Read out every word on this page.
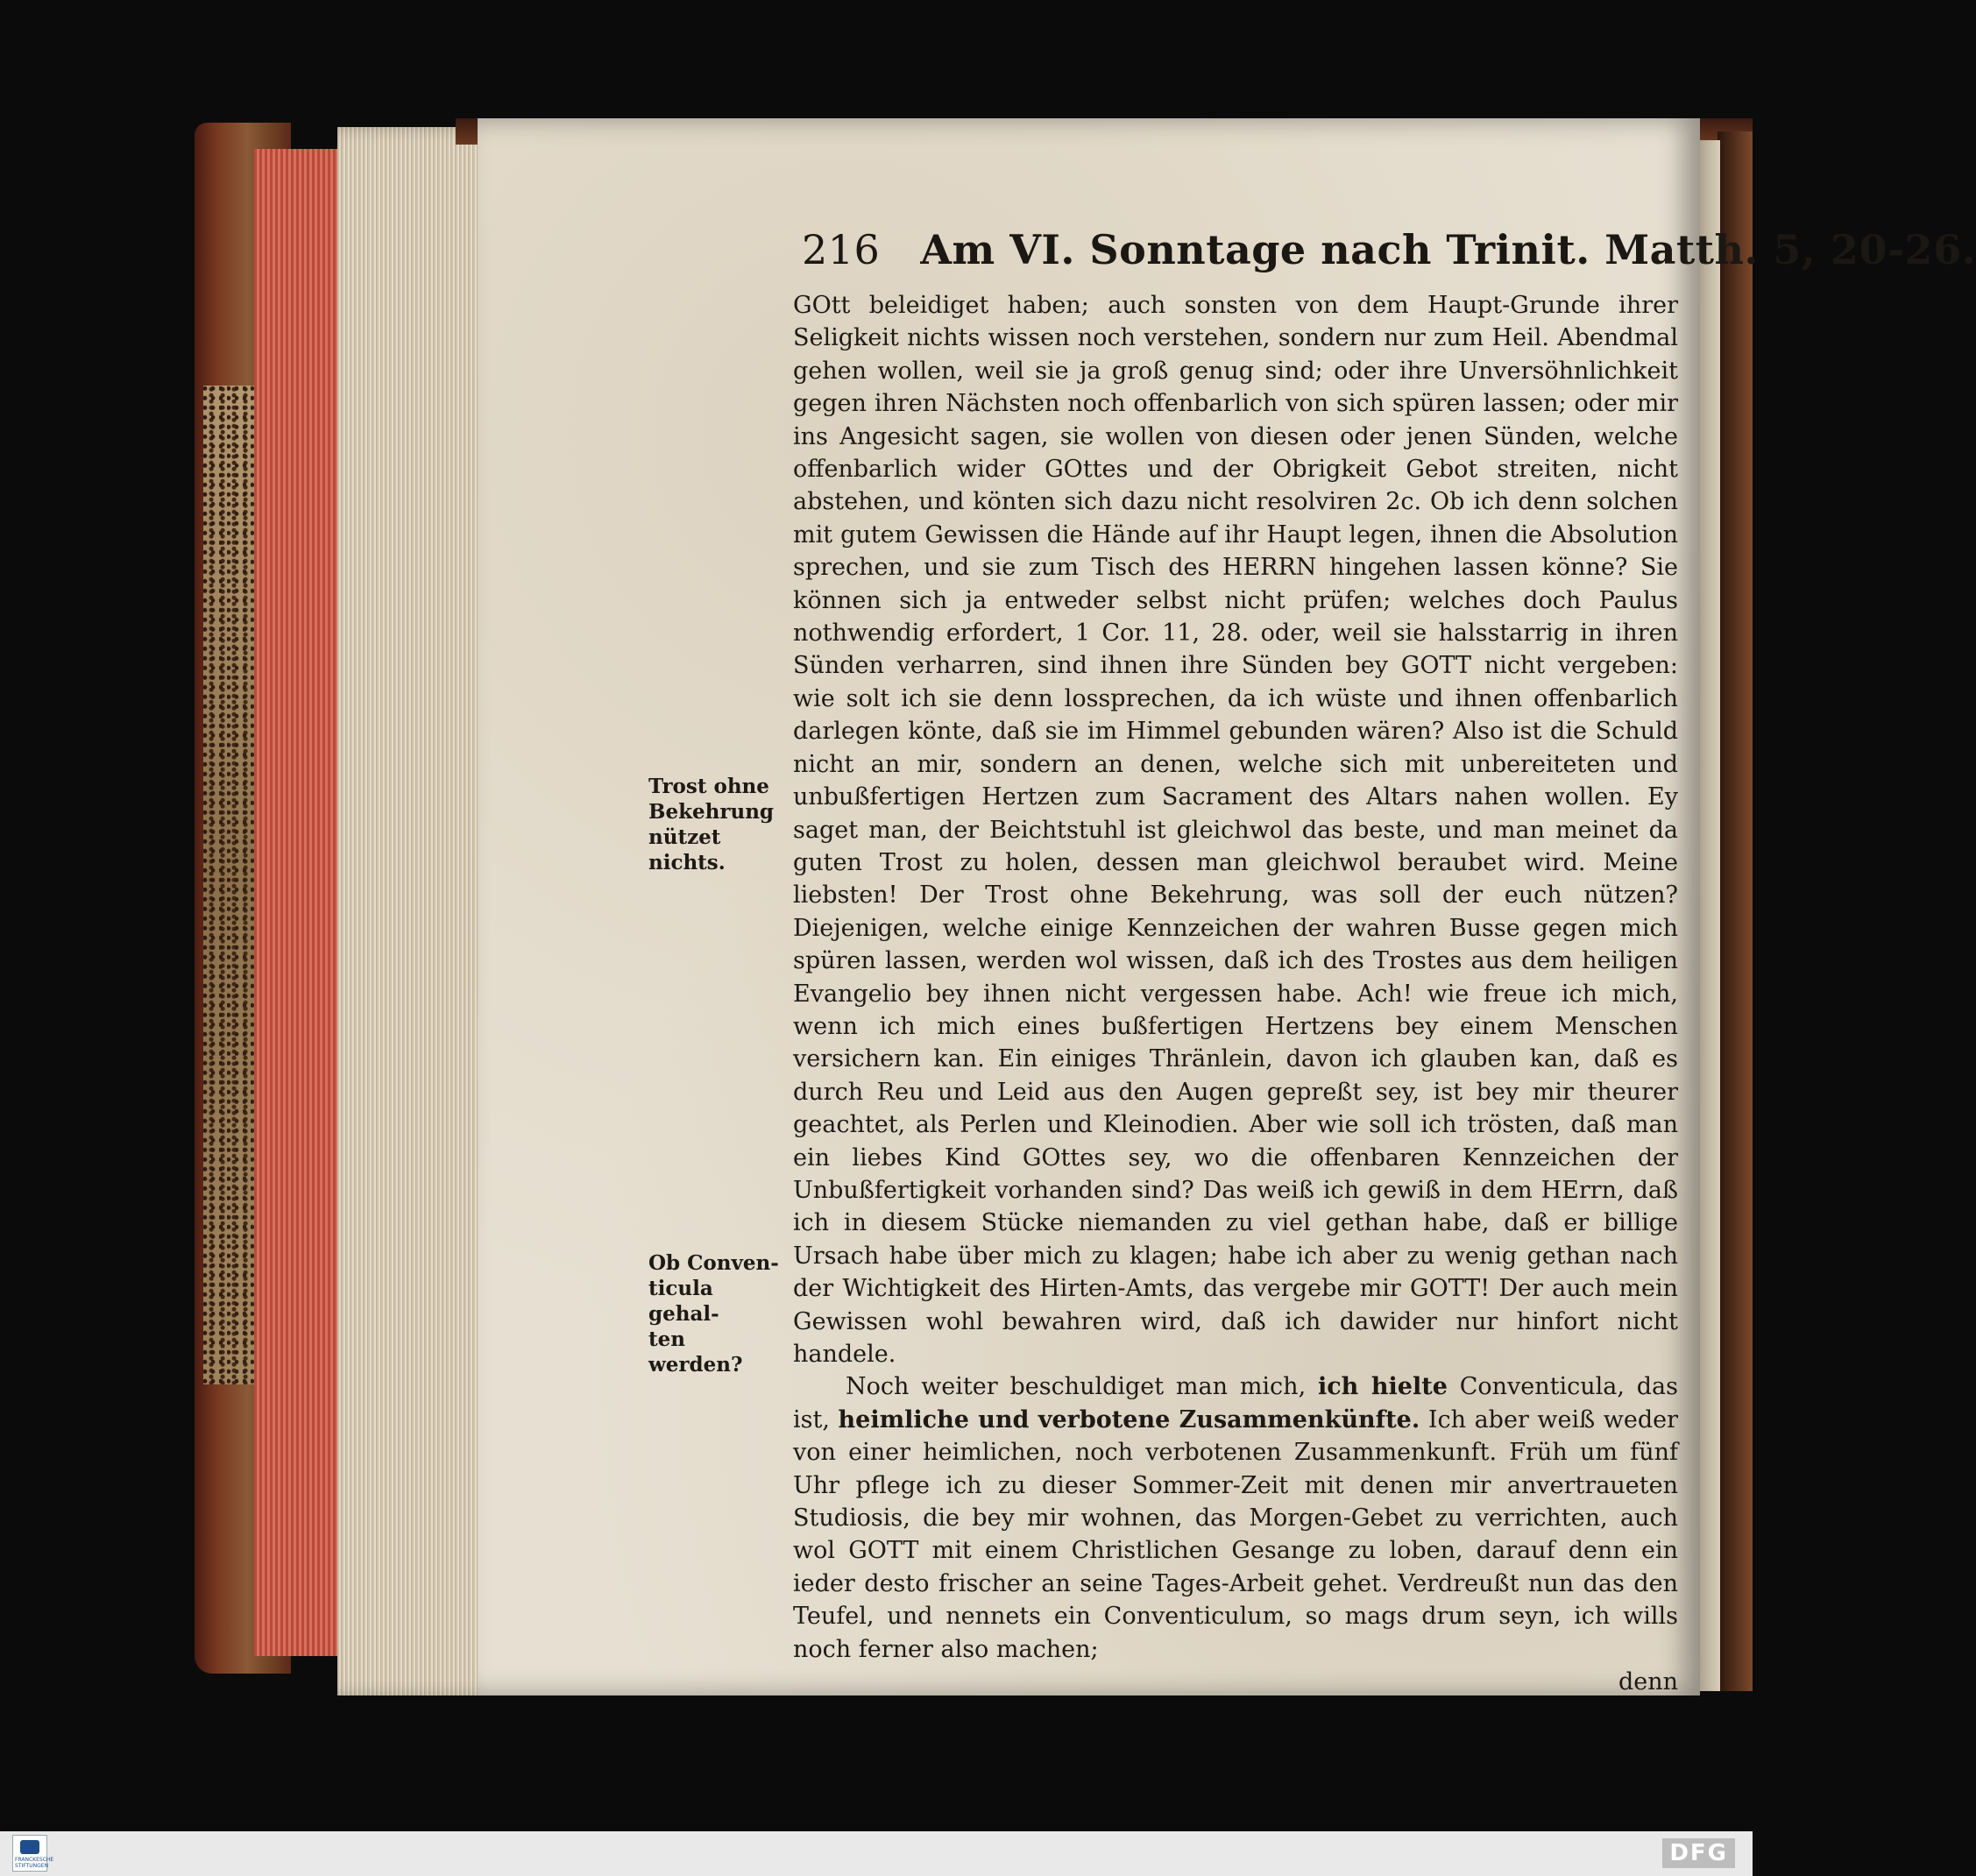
216 Am VI. Sonntage nach Trinit. Matth. 5, 20-26.
Trost ohne
Bekehrung
nützet nichts.
Ob Conven-
ticula gehal-
ten werden?

GOtt beleidiget haben; auch sonsten von dem Haupt-Grunde ihrer Seligkeit nichts wissen noch verstehen, sondern nur zum Heil. Abendmal gehen wollen, weil sie ja groß genug sind; oder ihre Unversöhnlichkeit gegen ihren Nächsten noch offenbarlich von sich spüren lassen; oder mir ins Angesicht sagen, sie wollen von diesen oder jenen Sünden, welche offenbarlich wider GOttes und der Obrigkeit Gebot streiten, nicht abstehen, und könten sich dazu nicht resolviren 2c. Ob ich denn solchen mit gutem Gewissen die Hände auf ihr Haupt legen, ihnen die Absolution sprechen, und sie zum Tisch des HERRN hingehen lassen könne? Sie können sich ja entweder selbst nicht prüfen; welches doch Paulus nothwendig erfordert, 1 Cor. 11, 28. oder, weil sie halsstarrig in ihren Sünden verharren, sind ihnen ihre Sünden bey GOTT nicht vergeben: wie solt ich sie denn lossprechen, da ich wüste und ihnen offenbarlich darlegen könte, daß sie im Himmel gebunden wären? Also ist die Schuld nicht an mir, sondern an denen, welche sich mit unbereiteten und unbußfertigen Hertzen zum Sacrament des Altars nahen wollen. Ey saget man, der Beichtstuhl ist gleichwol das beste, und man meinet da guten Trost zu holen, dessen man gleichwol beraubet wird. Meine liebsten! Der Trost ohne Bekehrung, was soll der euch nützen? Diejenigen, welche einige Kennzeichen der wahren Busse gegen mich spüren lassen, werden wol wissen, daß ich des Trostes aus dem heiligen Evangelio bey ihnen nicht vergessen habe. Ach! wie freue ich mich, wenn ich mich eines bußfertigen Hertzens bey einem Menschen versichern kan. Ein einiges Thränlein, davon ich glauben kan, daß es durch Reu und Leid aus den Augen gepreßt sey, ist bey mir theurer geachtet, als Perlen und Kleinodien. Aber wie soll ich trösten, daß man ein liebes Kind GOttes sey, wo die offenbaren Kennzeichen der Unbußfertigkeit vorhanden sind? Das weiß ich gewiß in dem HErrn, daß ich in diesem Stücke niemanden zu viel gethan habe, daß er billige Ursach habe über mich zu klagen; habe ich aber zu wenig gethan nach der Wichtigkeit des Hirten-Amts, das vergebe mir GOTT! Der auch mein Gewissen wohl bewahren wird, daß ich dawider nur hinfort nicht handele.

Noch weiter beschuldiget man mich, ich hielte Conventicula, das ist, heimliche und verbotene Zusammenkünfte. Ich aber weiß weder von einer heimlichen, noch verbotenen Zusammenkunft. Früh um fünf Uhr pflege ich zu dieser Sommer-Zeit mit denen mir anvertraueten Studiosis, die bey mir wohnen, das Morgen-Gebet zu verrichten, auch wol GOTT mit einem Christlichen Gesange zu loben, darauf denn ein ieder desto frischer an seine Tages-Arbeit gehet. Verdreußt nun das den Teufel, und nennets ein Conventiculum, so mags drum seyn, ich wills noch ferner also machen;

denn
FRANCKESCHE STIFTUNGEN	DFG
